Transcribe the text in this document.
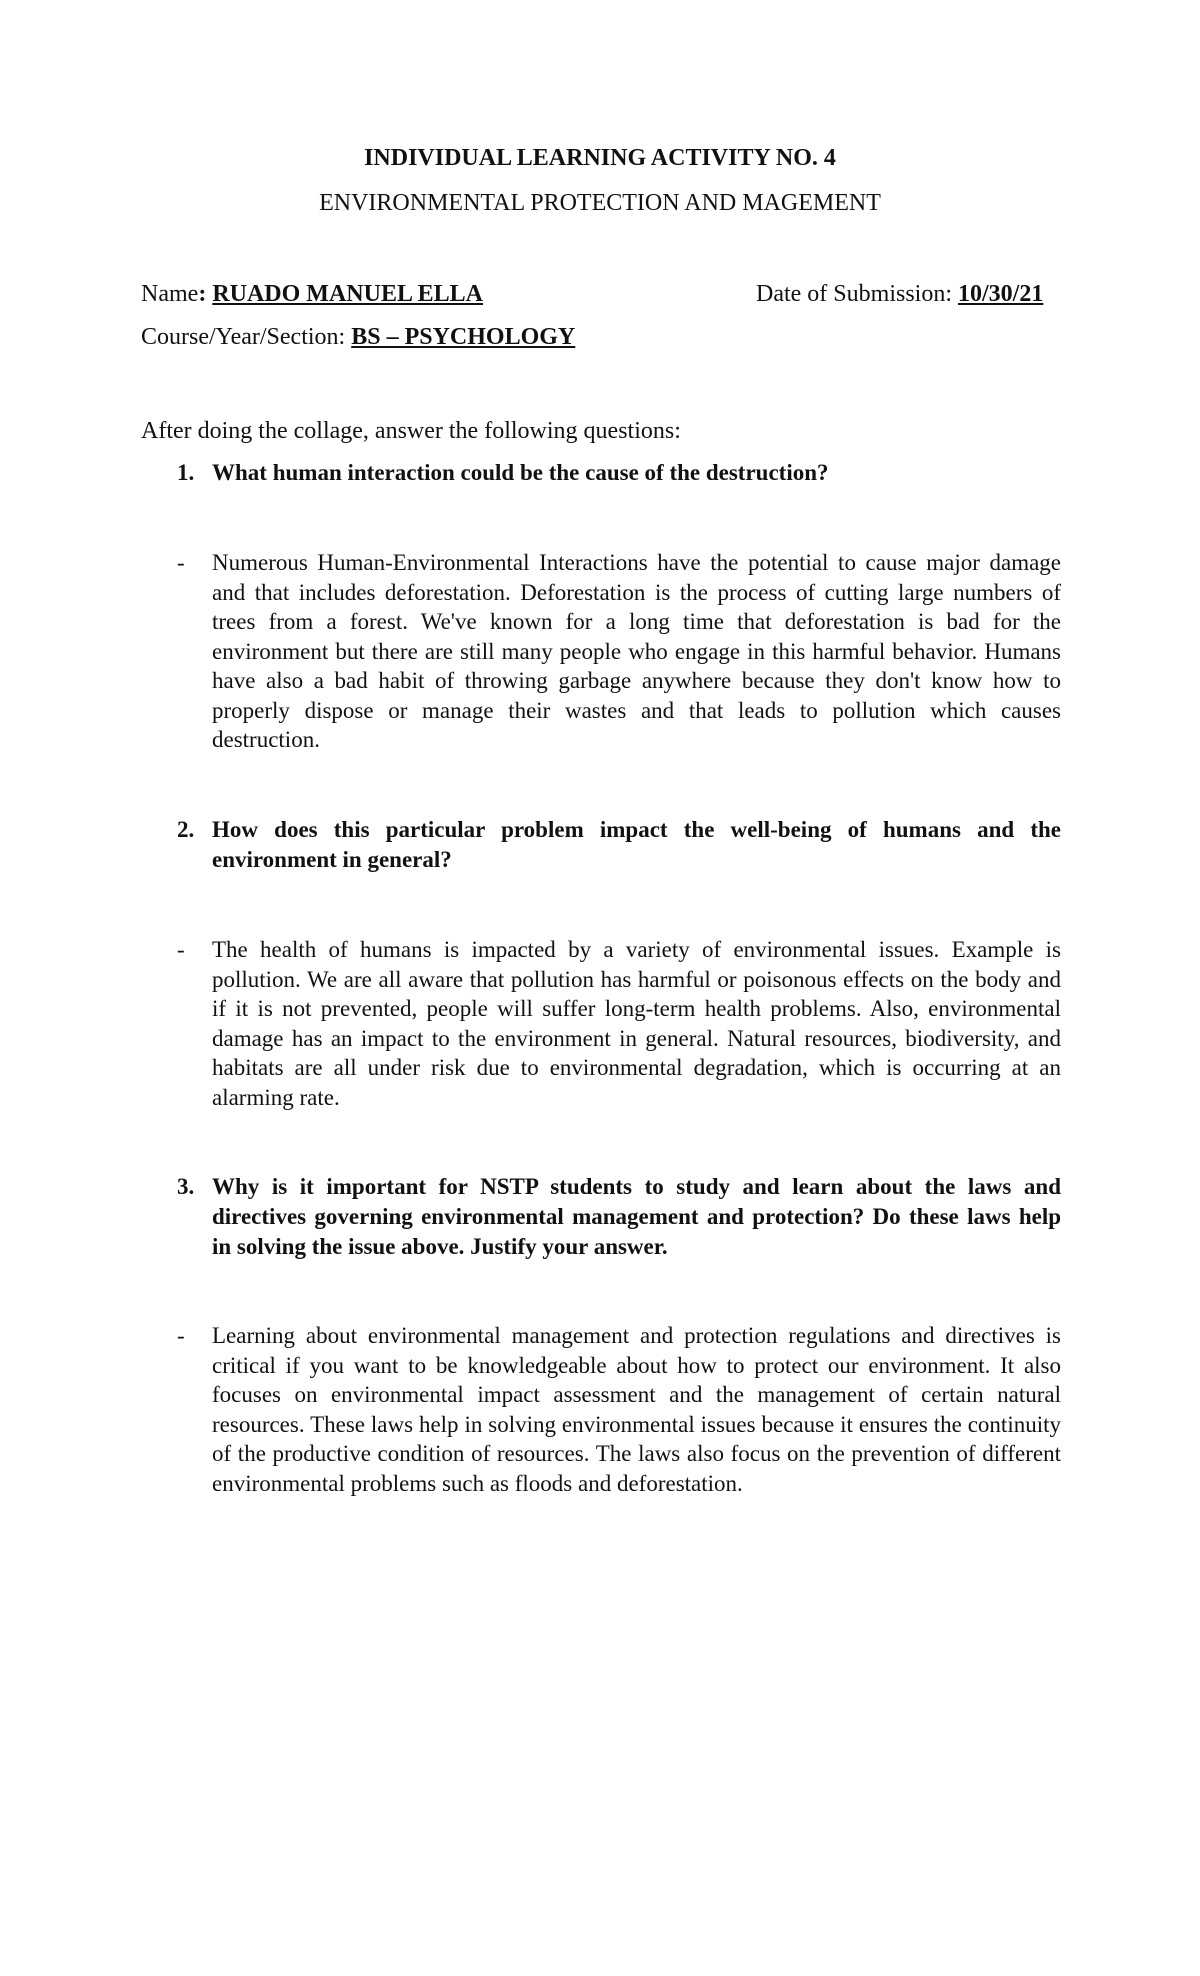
INDIVIDUAL LEARNING ACTIVITY NO. 4
ENVIRONMENTAL PROTECTION AND MAGEMENT
Name: RUADO MANUEL ELLA	Date of Submission: 10/30/21
Course/Year/Section: BS – PSYCHOLOGY
After doing the collage, answer the following questions:
1. What human interaction could be the cause of the destruction?
- Numerous Human-Environmental Interactions have the potential to cause major damage and that includes deforestation. Deforestation is the process of cutting large numbers of trees from a forest. We've known for a long time that deforestation is bad for the environment but there are still many people who engage in this harmful behavior. Humans have also a bad habit of throwing garbage anywhere because they don't know how to properly dispose or manage their wastes and that leads to pollution which causes destruction.
2. How does this particular problem impact the well-being of humans and the environment in general?
- The health of humans is impacted by a variety of environmental issues. Example is pollution. We are all aware that pollution has harmful or poisonous effects on the body and if it is not prevented, people will suffer long-term health problems. Also, environmental damage has an impact to the environment in general. Natural resources, biodiversity, and habitats are all under risk due to environmental degradation, which is occurring at an alarming rate.
3. Why is it important for NSTP students to study and learn about the laws and directives governing environmental management and protection? Do these laws help in solving the issue above. Justify your answer.
- Learning about environmental management and protection regulations and directives is critical if you want to be knowledgeable about how to protect our environment. It also focuses on environmental impact assessment and the management of certain natural resources. These laws help in solving environmental issues because it ensures the continuity of the productive condition of resources. The laws also focus on the prevention of different environmental problems such as floods and deforestation.
